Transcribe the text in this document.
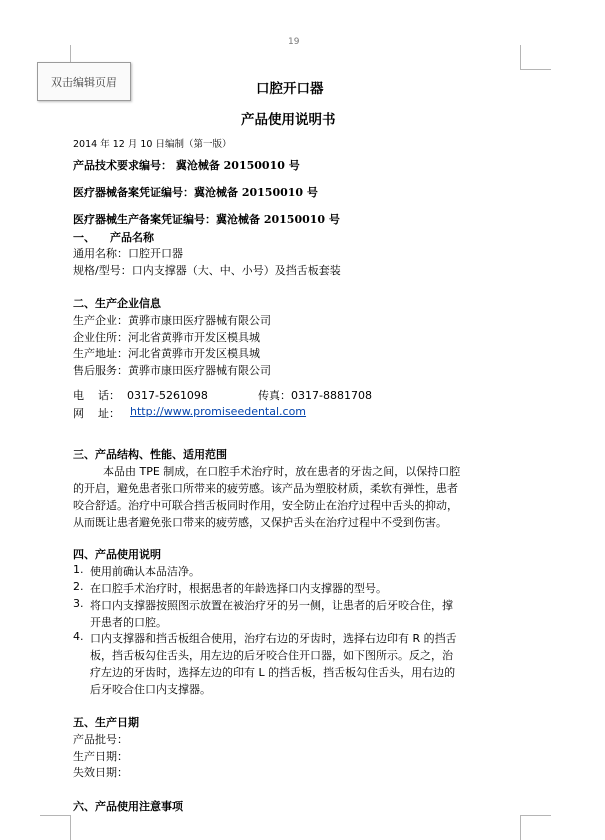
19
双击编辑页眉	口腔开口器
产品使用说明书
2014 年 12 月 10 日编制（第一版）
产品技术要求编号： 冀沧械备 20150010 号
医疗器械备案凭证编号：冀沧械备 20150010 号
医疗器械生产备案凭证编号：冀沧械备 20150010 号
一、 产品名称
通用名称：口腔开口器
规格/型号：口内支撑器（大、中、小号）及挡舌板套装
二、生产企业信息
生产企业：黄骅市康田医疗器械有限公司
企业住所：河北省黄骅市开发区模具城
生产地址：河北省黄骅市开发区模具城
售后服务：黄骅市康田医疗器械有限公司
电    话：  0317-5261098	传真：0317-8881708
网    址： http://www.promiseedental.com
三、产品结构、性能、适用范围
本品由 TPE 制成，在口腔手术治疗时，放在患者的牙齿之间，以保持口腔
的开启，避免患者张口所带来的疲劳感。该产品为塑胶材质，柔软有弹性，患者
咬合舒适。治疗中可联合挡舌板同时作用，安全防止在治疗过程中舌头的抑动，
从而既让患者避免张口带来的疲劳感，又保护舌头在治疗过程中不受到伤害。
四、产品使用说明
1. 使用前确认本品洁净。
2. 在口腔手术治疗时，根据患者的年龄选择口内支撑器的型号。
3. 将口内支撑器按照图示放置在被治疗牙的另一侧，让患者的后牙咬合住，撑
开患者的口腔。
4. 口内支撑器和挡舌板组合使用，治疗右边的牙齿时，选择右边印有 R 的挡舌
板，挡舌板勾住舌头，用左边的后牙咬合住开口器，如下图所示。反之，治
疗左边的牙齿时，选择左边的印有 L 的挡舌板，挡舌板勾住舌头，用右边的
后牙咬合住口内支撑器。
五、生产日期
产品批号：
生产日期：
失效日期：
六、产品使用注意事项
